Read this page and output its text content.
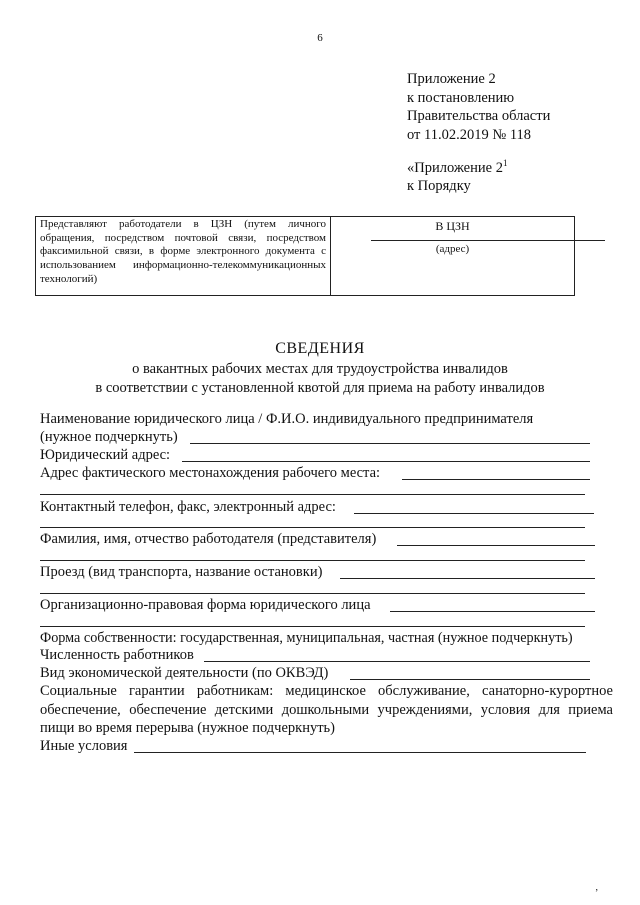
6
Приложение 2
к постановлению
Правительства области
от 11.02.2019 № 118
«Приложение $2^1$
к Порядку
Представляют работодатели в ЦЗН (путем личного обращения, посредством почтовой связи, посредством факсимильной связи, в форме электронного документа с использованием информационно-телекоммуникационных технологий)
В ЦЗН
(адрес)
СВЕДЕНИЯ
о вакантных рабочих местах для трудоустройства инвалидов
в соответствии с установленной квотой для приема на работу инвалидов
Наименование юридического лица / Ф.И.О. индивидуального предпринимателя
(нужное подчеркнуть)
Юридический адрес:
Адрес фактического местонахождения рабочего места:
Контактный телефон, факс, электронный адрес:
Фамилия, имя, отчество работодателя (представителя)
Проезд (вид транспорта, название остановки)
Организационно-правовая форма юридического лица
Форма собственности: государственная, муниципальная, частная (нужное подчеркнуть)
Численность работников
Вид экономической деятельности (по ОКВЭД)
Социальные гарантии работникам: медицинское обслуживание, санаторно-курортное обеспечение, обеспечение детскими дошкольными учреждениями, условия для приема пищи во время перерыва (нужное подчеркнуть)
Иные условия
’
